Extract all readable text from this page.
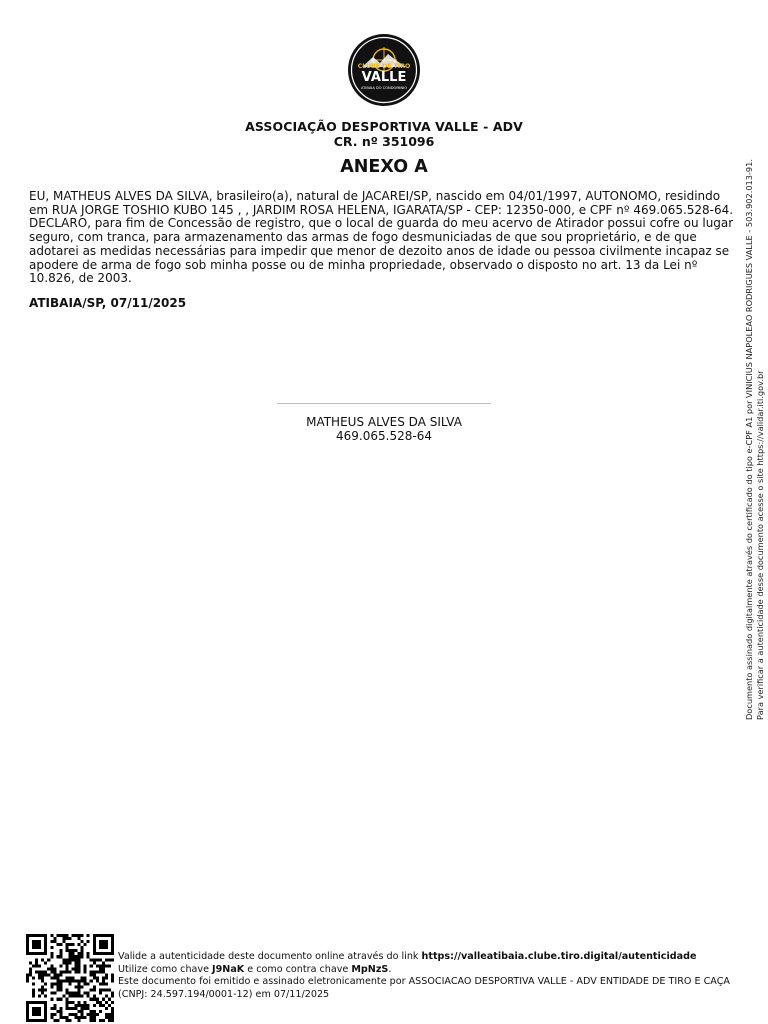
CLUBE DE TIRO
VALLE
ATIBAIA DO CONDOMINIO
ASSOCIAÇÃO DESPORTIVA VALLE - ADV
CR. nº 351096
ANEXO A

EU, MATHEUS ALVES DA SILVA, brasileiro(a), natural de JACAREI/SP, nascido em 04/01/1997, AUTONOMO, residindo em RUA JORGE TOSHIO KUBO 145 , , JARDIM ROSA HELENA, IGARATA/SP - CEP: 12350-000, e CPF nº 469.065.528-64. DECLARO, para fim de Concessão de registro, que o local de guarda do meu acervo de Atirador possui cofre ou lugar seguro, com tranca, para armazenamento das armas de fogo desmuniciadas de que sou proprietário, e de que adotarei as medidas necessárias para impedir que menor de dezoito anos de idade ou pessoa civilmente incapaz se apodere de arma de fogo sob minha posse ou de minha propriedade, observado o disposto no art. 13 da Lei nº 10.826, de 2003.

ATIBAIA/SP, 07/11/2025
MATHEUS ALVES DA SILVA
469.065.528-64	Documento assinado digitalmente através do certificado do tipo e-CPF A1 por VINICIUS NAPOLEAO RODRIGUES VALLE - 503.902.013-91. Para verificar a autenticidade desse documento acesse o site https://validar.iti.gov.br
Valide a autenticidade deste documento online através do link https://valleatibaia.clube.tiro.digital/autenticidade
Utilize como chave J9NaK e como contra chave MpNzS.
Este documento foi emitido e assinado eletronicamente por ASSOCIACAO DESPORTIVA VALLE - ADV ENTIDADE DE TIRO E CAÇA (CNPJ: 24.597.194/0001-12) em 07/11/2025
